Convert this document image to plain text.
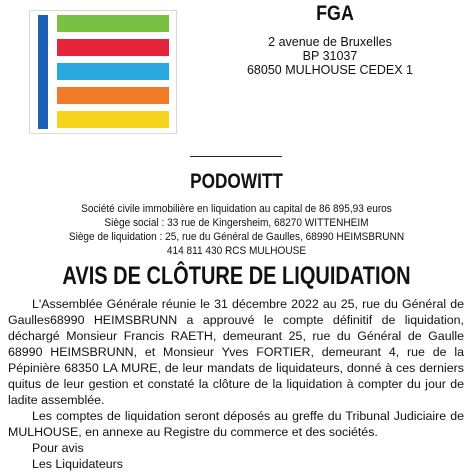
FGA
2 avenue de Bruxelles
BP 31037
68050 MULHOUSE CEDEX 1
PODOWITT
Société civile immobilière en liquidation au capital de 86 895,93 euros
Siège social : 33 rue de Kingersheim, 68270 WITTENHEIM
Siège de liquidation : 25, rue du Général de Gaulles, 68990 HEIMSBRUNN
414 811 430 RCS MULHOUSE
AVIS DE CLÔTURE DE LIQUIDATION

L'Assemblée Générale réunie le 31 décembre 2022 au 25, rue du Général de Gaulles68990 HEIMSBRUNN a approuvé le compte définitif de liquidation, déchargé Monsieur Francis RAETH, demeurant 25, rue du Général de Gaulle 68990 HEIMSBRUNN, et Monsieur Yves FORTIER, demeurant 4, rue de la Pépinière 68350 LA MURE, de leur mandats de liquidateurs, donné à ces derniers quitus de leur gestion et constaté la clôture de la liquidation à compter du jour de ladite assemblée.

Les comptes de liquidation seront déposés au greffe du Tribunal Judiciaire de MULHOUSE, en annexe au Registre du commerce et des sociétés.

Pour avis
Les Liquidateurs
